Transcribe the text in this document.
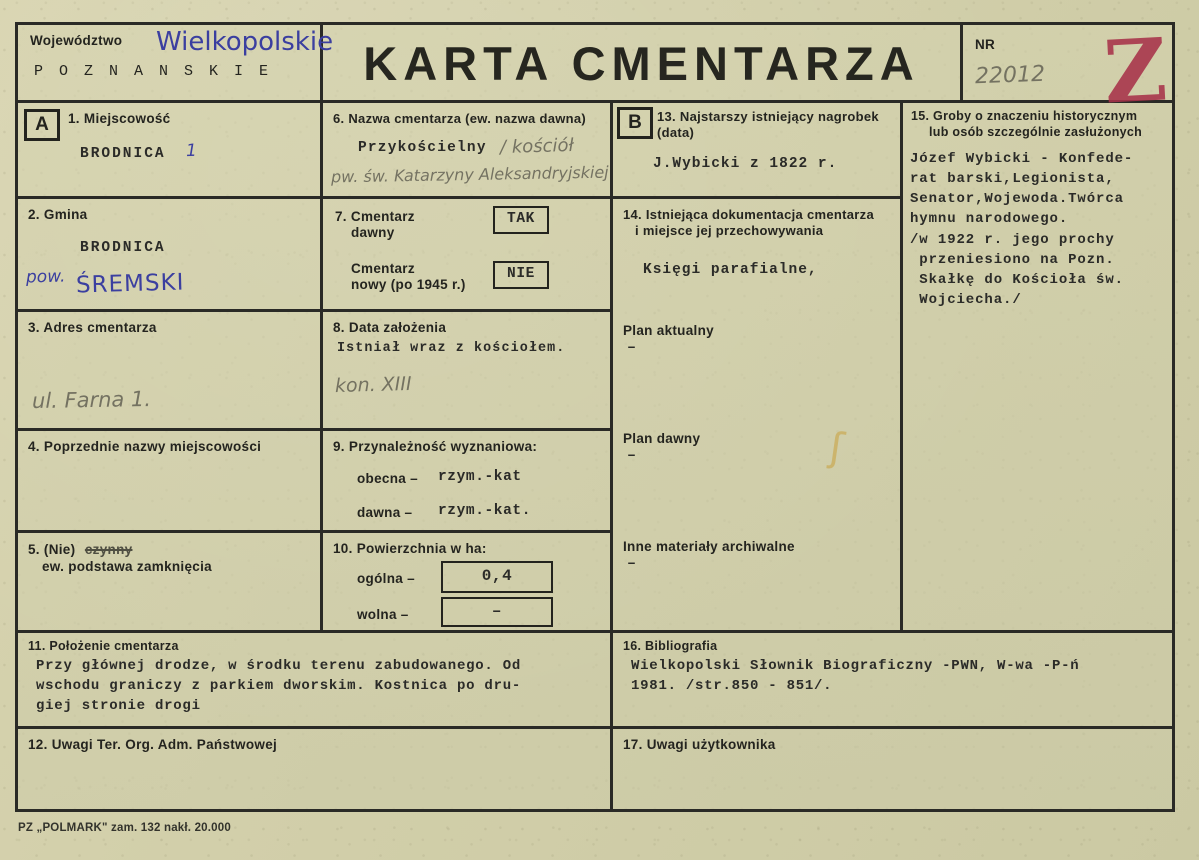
Województwo
P O Z N A N S K I E
Wielkopolskie KARTA CMENTARZA	NR
22012 Z
A	1. Miejscowość
BRODNICA 1
2. Gmina
BRODNICA
pow. ŚREMSKI
3. Adres cmentarza
ul. Farna 1.
4. Poprzednie nazwy miejscowości
5. (Nie) czynny
ew. podstawa zamknięcia
6. Nazwa cmentarza (ew. nazwa dawna)
Przykościelny / kościół
pw. św. Katarzyny Aleksandryjskiej
7. Cmentarz
dawny
TAK
Cmentarz
nowy (po 1945 r.)
NIE
8. Data założenia
Istniał wraz z kościołem.
kon. XIII
9. Przynależność wyznaniowa:
obecna – rzym.-kat
dawna – rzym.-kat.
10. Powierzchnia w ha:
ogólna –	0,4
wolna –	–
B	13. Najstarszy istniejący nagrobek
(data)
J.Wybicki z 1822 r.
14. Istniejąca dokumentacja cmentarza
i miejsce jej przechowywania
Księgi parafialne,
Plan aktualny
–
Plan dawny
–
Inne materiały archiwalne
–
15. Groby o znaczeniu historycznym
lub osób szczególnie zasłużonych
Józef Wybicki - Konfede-
rat barski,Legionista,
Senator,Wojewoda.Twórca
hymnu narodowego.
/w 1922 r. jego prochy
przeniesiono na Pozn.
Skałkę do Kościoła św.
Wojciecha./
11. Położenie cmentarza
Przy głównej drodze, w środku terenu zabudowanego. Od
wschodu graniczy z parkiem dworskim. Kostnica po dru-
giej stronie drogi
16. Bibliografia
Wielkopolski Słownik Biograficzny -PWN, W-wa -P-ń
1981. /str.850 - 851/.
12. Uwagi Ter. Org. Adm. Państwowej	17. Uwagi użytkownika
ʃ
PZ „POLMARK" zam. 132 nakł. 20.000
